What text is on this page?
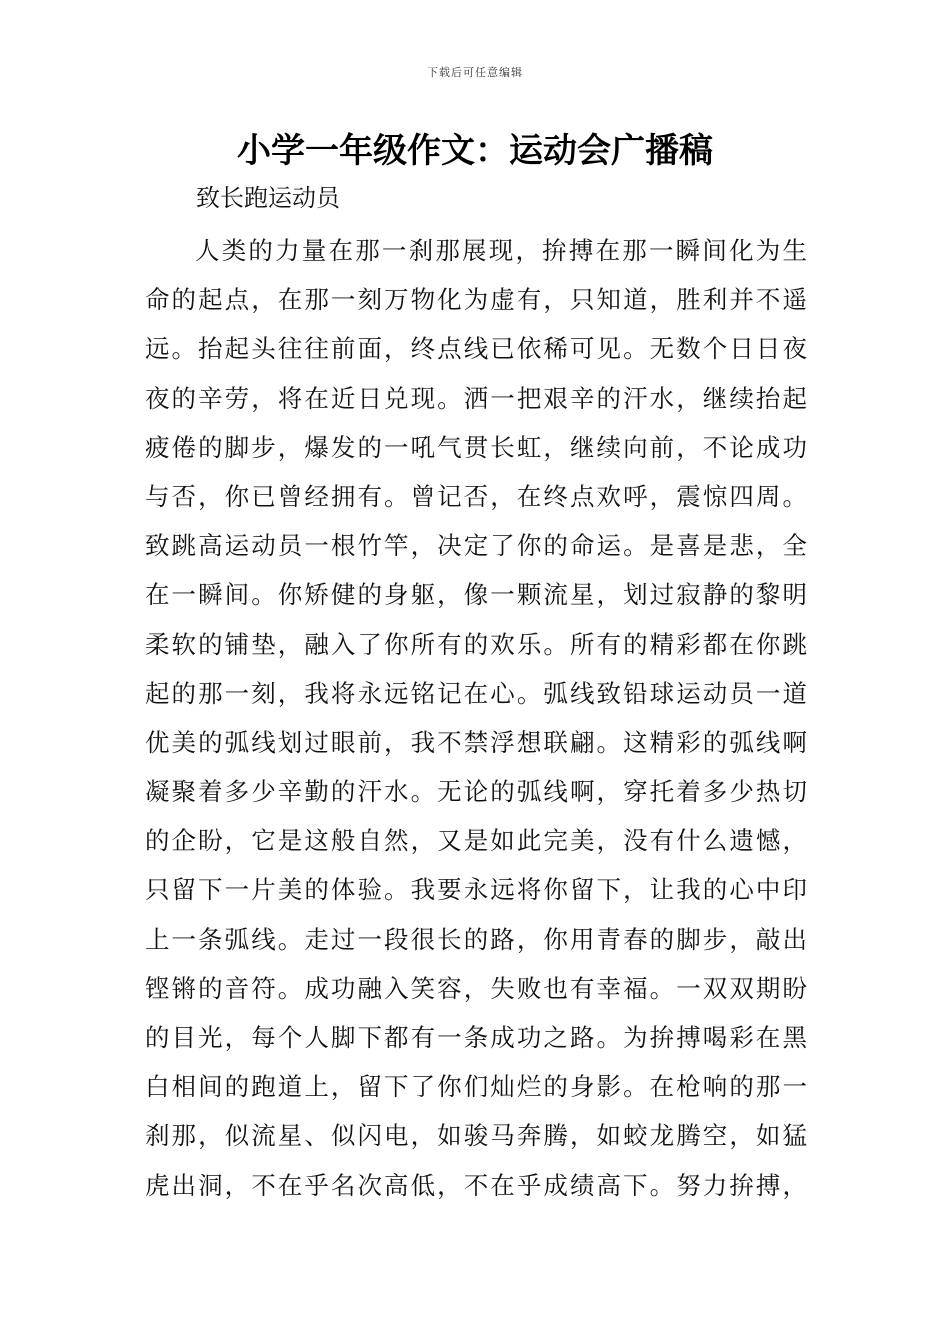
下载后可任意编辑
小学一年级作文：运动会广播稿

致长跑运动员

人类的力量在那一刹那展现，拚搏在那一瞬间化为生
命的起点，在那一刻万物化为虚有，只知道，胜利并不遥
远。抬起头往往前面，终点线已依稀可见。无数个日日夜
夜的辛劳，将在近日兑现。洒一把艰辛的汗水，继续抬起
疲倦的脚步，爆发的一吼气贯长虹，继续向前，不论成功
与否，你已曾经拥有。曾记否，在终点欢呼，震惊四周。
致跳高运动员一根竹竿，决定了你的命运。是喜是悲，全
在一瞬间。你矫健的身躯，像一颗流星，划过寂静的黎明
柔软的铺垫，融入了你所有的欢乐。所有的精彩都在你跳
起的那一刻，我将永远铭记在心。弧线致铅球运动员一道
优美的弧线划过眼前，我不禁浮想联翩。这精彩的弧线啊
凝聚着多少辛勤的汗水。无论的弧线啊，穿托着多少热切
的企盼，它是这般自然，又是如此完美，没有什么遗憾，
只留下一片美的体验。我要永远将你留下，让我的心中印
上一条弧线。走过一段很长的路，你用青春的脚步，敲出
铿锵的音符。成功融入笑容，失败也有幸福。一双双期盼
的目光，每个人脚下都有一条成功之路。为拚搏喝彩在黑
白相间的跑道上，留下了你们灿烂的身影。在枪响的那一
刹那，似流星、似闪电，如骏马奔腾，如蛟龙腾空，如猛
虎出洞，不在乎名次高低，不在乎成绩高下。努力拚搏，
